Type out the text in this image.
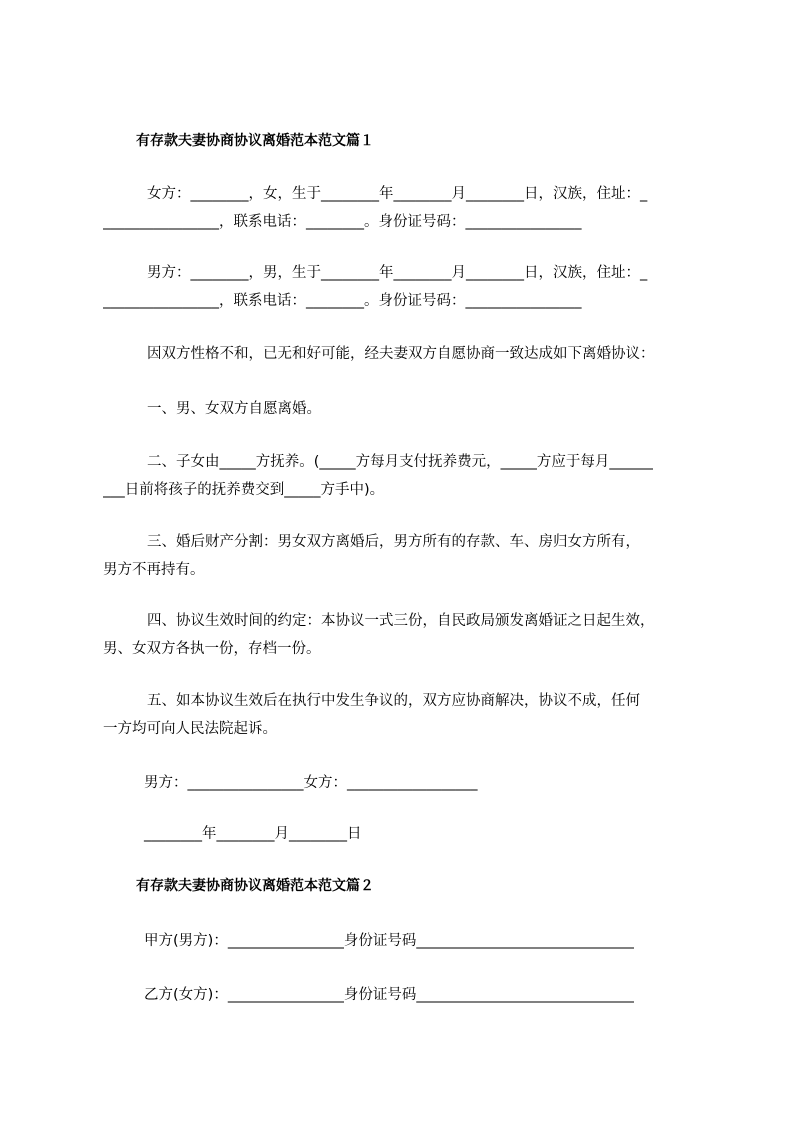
有存款夫妻协商协议离婚范本范文篇１
女方：________，女，生于________年________月________日，汉族，住址：_
________________，联系电话：________。身份证号码：________________
男方：________，男，生于________年________月________日，汉族，住址：_
________________，联系电话：________。身份证号码：________________
因双方性格不和，已无和好可能，经夫妻双方自愿协商一致达成如下离婚协议：
一、男、女双方自愿离婚。
二、子女由_____方抚养。(_____方每月支付抚养费元，_____方应于每月______
___日前将孩子的抚养费交到_____方手中)。
三、婚后财产分割：男女双方离婚后，男方所有的存款、车、房归女方所有，
男方不再持有。
四、协议生效时间的约定：本协议一式三份，自民政局颁发离婚证之日起生效，
男、女双方各执一份，存档一份。
五、如本协议生效后在执行中发生争议的，双方应协商解决，协议不成，任何
一方均可向人民法院起诉。
男方：________________女方：__________________
________年________月________日
有存款夫妻协商协议离婚范本范文篇２
甲方(男方)：________________身份证号码______________________________
乙方(女方)：________________身份证号码______________________________
